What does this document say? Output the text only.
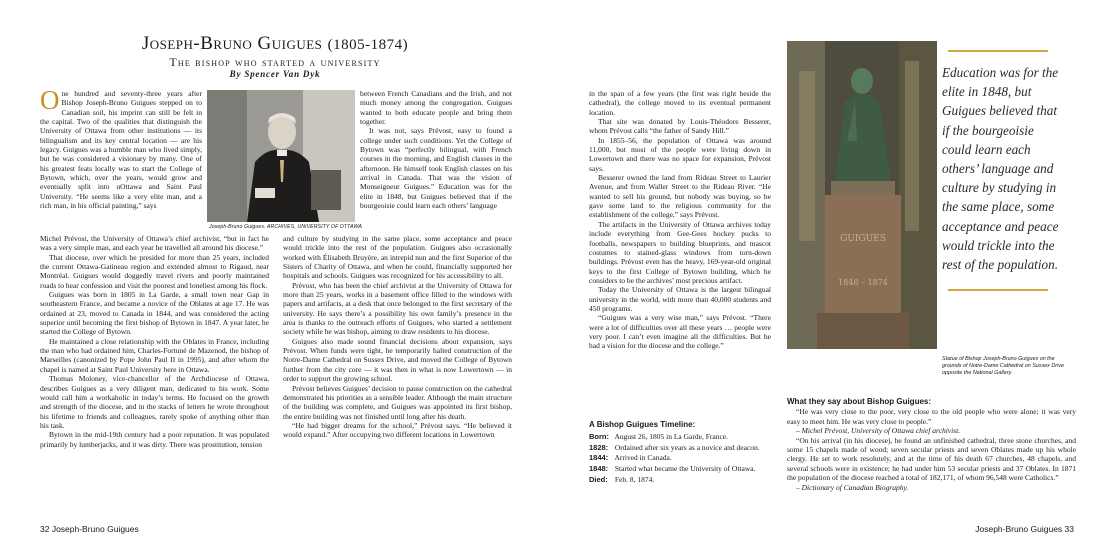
Joseph-Bruno Guigues (1805-1874)
The bishop who started a university
By Spencer Van Dyk

One hundred and seventy-three years after Bishop Joseph-Bruno Guigues stepped on to Canadian soil, his imprint can still be felt in the capital. Two of the qualities that distinguish the University of Ottawa from other institutions — its bilingualism and its key central location — are his legacy. Guigues was a humble man who lived simply, but he was considered a visionary by many. One of his greatest feats locally was to start the College of Bytown, which, over the years, would grow and eventually split into uOttawa and Saint Paul University. “He seems like a very elite man, and a rich man, in his official painting,” says

Joseph-Bruno Guigues. ARCHIVES, UNIVERSITY OF OTTAWA

between French Canadians and the Irish, and not much money among the congregation. Guigues wanted to both educate people and bring them together.

It was not, says Prévost, easy to found a college under such conditions. Yet the College of Bytown was “perfectly bilingual, with French courses in the morning, and English classes in the afternoon. He himself took English classes on his arrival in Canada. That was the vision of Monseigneur Guigues.” Education was for the elite in 1848, but Guigues believed that if the bourgeoisie could learn each others’ language

Michel Prévost, the University of Ottawa’s chief archivist, “but in fact he was a very simple man, and each year he travelled all around his diocese.”

That diocese, over which he presided for more than 25 years, included the current Ottawa-Gatineau region and extended almost to Rigaud, near Montréal. Guigues would doggedly travel rivers and poorly maintained roads to hear confession and visit the poorest and loneliest among his flock.

Guigues was born in 1805 in La Garde, a small town near Gap in southeastern France, and became a novice of the Oblates at age 17. He was ordained at 23, moved to Canada in 1844, and was considered the acting superior until becoming the first bishop of Bytown in 1847. A year later, he started the College of Bytown.

He maintained a close relationship with the Oblates in France, including the man who had ordained him, Charles-Fortuné de Mazenod, the bishop of Marseilles (canonized by Pope John Paul II in 1995), and after whom the chapel is named at Saint Paul University here in Ottawa.

Thomas Moloney, vice-chancellor of the Archdiocese of Ottawa, describes Guigues as a very diligent man, dedicated to his work. Some would call him a workaholic in today’s terms. He focused on the growth and strength of the diocese, and in the stacks of letters he wrote throughout his lifetime to friends and colleagues, rarely spoke of anything other than his task.

Bytown in the mid-19th century had a poor reputation. It was populated primarily by lumberjacks, and it was dirty. There was prostitution, tension

and culture by studying in the same place, some acceptance and peace would trickle into the rest of the population. Guigues also occasionally worked with Élisabeth Bruyère, an intrepid nun and the first Superior of the Sisters of Charity of Ottawa, and when he could, financially supported her hospitals and schools. Guigues was recognized for his accessibility to all.

Prévost, who has been the chief archivist at the University of Ottawa for more than 25 years, works in a basement office filled to the windows with papers and artifacts, at a desk that once belonged to the first secretary of the university. He says there’s a possibility his own family’s presence in the area is thanks to the outreach efforts of Guigues, who started a settlement society while he was bishop, aiming to draw residents to his diocese.

Guigues also made sound financial decisions about expansion, says Prévost. When funds were tight, he temporarily halted construction of the Notre-Dame Cathedral on Sussex Drive, and moved the College of Bytown further from the city core — it was then in what is now Lowertown — in order to support the growing school.

Prévost believes Guigues’ decision to pause construction on the cathedral demonstrated his priorities as a sensible leader. Although the main structure of the building was complete, and Guigues was appointed its first bishop, the entire building was not finished until long after his death.

“He had bigger dreams for the school,” Prévost says. “He believed it would expand.” After occupying two different locations in Lowertown

32 Joseph-Bruno Guigues

in the span of a few years (the first was right beside the cathedral), the college moved to its eventual permanent location.

That site was donated by Louis-Théodore Besserer, whom Prévost calls “the father of Sandy Hill.”

In 1855–56, the population of Ottawa was around 11,000, but most of the people were living down in Lowertown and there was no space for expansion, Prévost says.

Besserer owned the land from Rideau Street to Laurier Avenue, and from Waller Street to the Rideau River. “He wanted to sell his ground, but nobody was buying, so he gave some land to the religious community for the establishment of the college,” says Prévost.

The artifacts in the University of Ottawa archives today include everything from Gee-Gees hockey pucks to footballs, newspapers to building blueprints, and mascot costumes to stained-glass windows from torn-down buildings. Prévost even has the heavy, 169-year-old original keys to the first College of Bytown building, which he considers to be the archives’ most precious artifact.

Today the University of Ottawa is the largest bilingual university in the world, with more than 40,000 students and 450 programs.

“Guigues was a very wise man,” says Prévost. “There were a lot of difficulties over all these years … people were very poor. I can’t even imagine all the difficulties. But he had a vision for the diocese and the college.”

A Bishop Guigues Timeline:
Born: August 26, 1805 in La Garde, France.
1828: Ordained after six years as a novice and deacon.
1844: Arrived in Canada.
1848: Started what became the University of Ottawa.
Died: Feb. 8, 1874.
GUIGUES
1848 – 1874

Education was for the elite in 1848, but Guigues believed that if the bourgeoisie could learn each others’ language and culture by studying in the same place, some acceptance and peace would trickle into the rest of the population.

Statue of Bishop Joseph-Bruno Guigues on the grounds of Notre-Dame Cathedral on Sussex Drive opposite the National Gallery.

What they say about Bishop Guigues:

“He was very close to the poor, very close to the old people who were alone; it was very easy to meet him. He was very close to people.”

– Michel Prévost, University of Ottawa chief archivist.

“On his arrival (in his diocese), he found an unfinished cathedral, three stone churches, and some 15 chapels made of wood; seven secular priests and seven Oblates made up his whole clergy. He set to work resolutely, and at the time of his death 67 churches, 48 chapels, and several schools were in existence; he had under him 53 secular priests and 37 Oblates. In 1871 the population of the diocese reached a total of 182,171, of whom 96,548 were Catholics.”

– Dictionary of Canadian Biography.

Joseph-Bruno Guigues 33
